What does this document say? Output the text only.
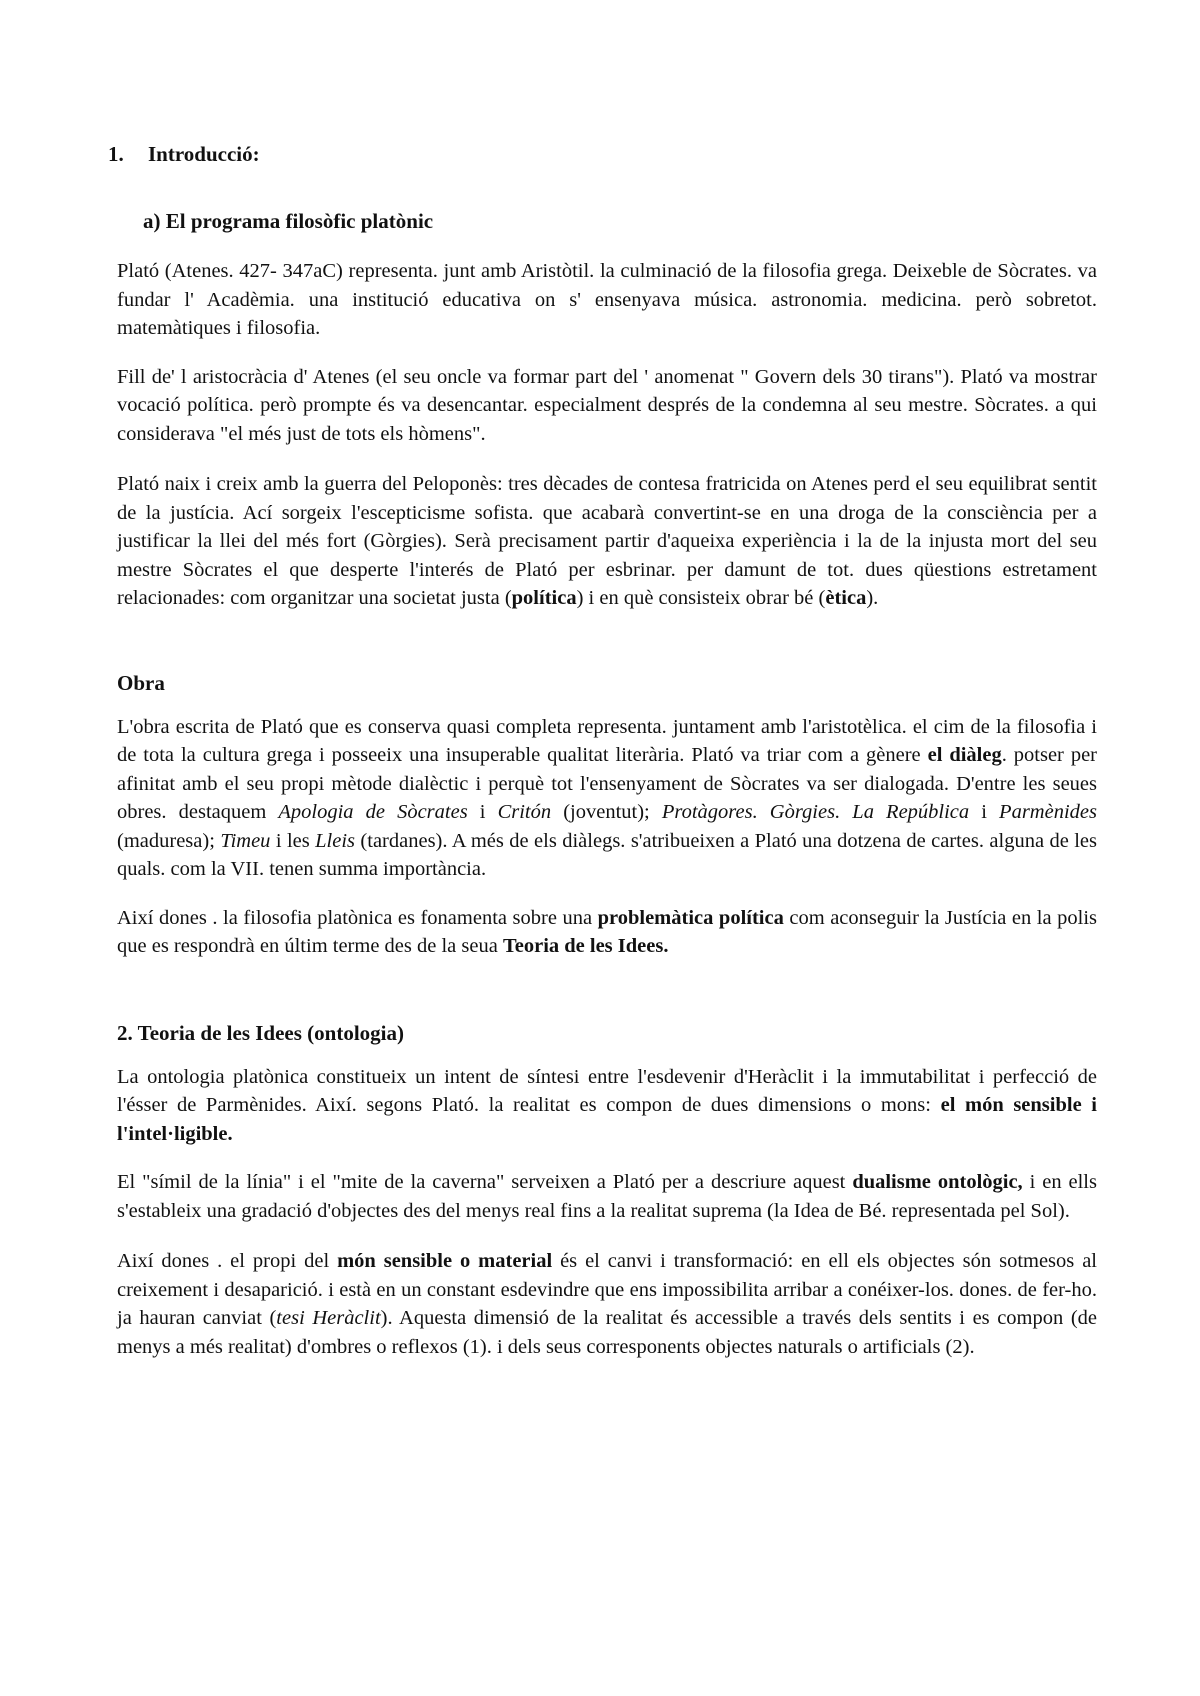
1. Introducció:
a) El programa filosòfic platònic

Plató (Atenes. 427- 347aC) representa. junt amb Aristòtil. la culminació de la filosofia grega. Deixeble de Sòcrates. va fundar l' Acadèmia. una institució educativa on s' ensenyava música. astronomia. medicina. però sobretot. matemàtiques i filosofia.

Fill de' l aristocràcia d' Atenes (el seu oncle va formar part del ' anomenat " Govern dels 30 tirans"). Plató va mostrar vocació política. però prompte és va desencantar. especialment després de la condemna al seu mestre. Sòcrates. a qui considerava "el més just de tots els hòmens".

Plató naix i creix amb la guerra del Peloponès: tres dècades de contesa fratricida on Atenes perd el seu equilibrat sentit de la justícia. Ací sorgeix l'escepticisme sofista. que acabarà convertint-se en una droga de la consciència per a justificar la llei del més fort (Gòrgies). Serà precisament partir d'aqueixa experiència i la de la injusta mort del seu mestre Sòcrates el que desperte l'interés de Plató per esbrinar. per damunt de tot. dues qüestions estretament relacionades: com organitzar una societat justa (política) i en què consisteix obrar bé (ètica).

Obra

L'obra escrita de Plató que es conserva quasi completa representa. juntament amb l'aristotèlica. el cim de la filosofia i de tota la cultura grega i posseeix una insuperable qualitat literària. Plató va triar com a gènere el diàleg. potser per afinitat amb el seu propi mètode dialèctic i perquè tot l'ensenyament de Sòcrates va ser dialogada. D'entre les seues obres. destaquem Apologia de Sòcrates i Critón (joventut); Protàgores. Gòrgies. La República i Parmènides (maduresa); Timeu i les Lleis (tardanes). A més de els diàlegs. s'atribueixen a Plató una dotzena de cartes. alguna de les quals. com la VII. tenen summa importància.

Així dones . la filosofia platònica es fonamenta sobre una problemàtica política com aconseguir la Justícia en la polis que es respondrà en últim terme des de la seua Teoria de les Idees.

2. Teoria de les Idees (ontologia)

La ontologia platònica constitueix un intent de síntesi entre l'esdevenir d'Heràclit i la immutabilitat i perfecció de l'ésser de Parmènides. Així. segons Plató. la realitat es compon de dues dimensions o mons: el món sensible i l'intel·ligible.

El "símil de la línia" i el "mite de la caverna" serveixen a Plató per a descriure aquest dualisme ontològic, i en ells s'estableix una gradació d'objectes des del menys real fins a la realitat suprema (la Idea de Bé. representada pel Sol).

Així dones . el propi del món sensible o material és el canvi i transformació: en ell els objectes són sotmesos al creixement i desaparició. i està en un constant esdevindre que ens impossibilita arribar a conéixer-los. dones. de fer-ho. ja hauran canviat (tesi Heràclit). Aquesta dimensió de la realitat és accessible a través dels sentits i es compon (de menys a més realitat) d'ombres o reflexos (1). i dels seus corresponents objectes naturals o artificials (2).
